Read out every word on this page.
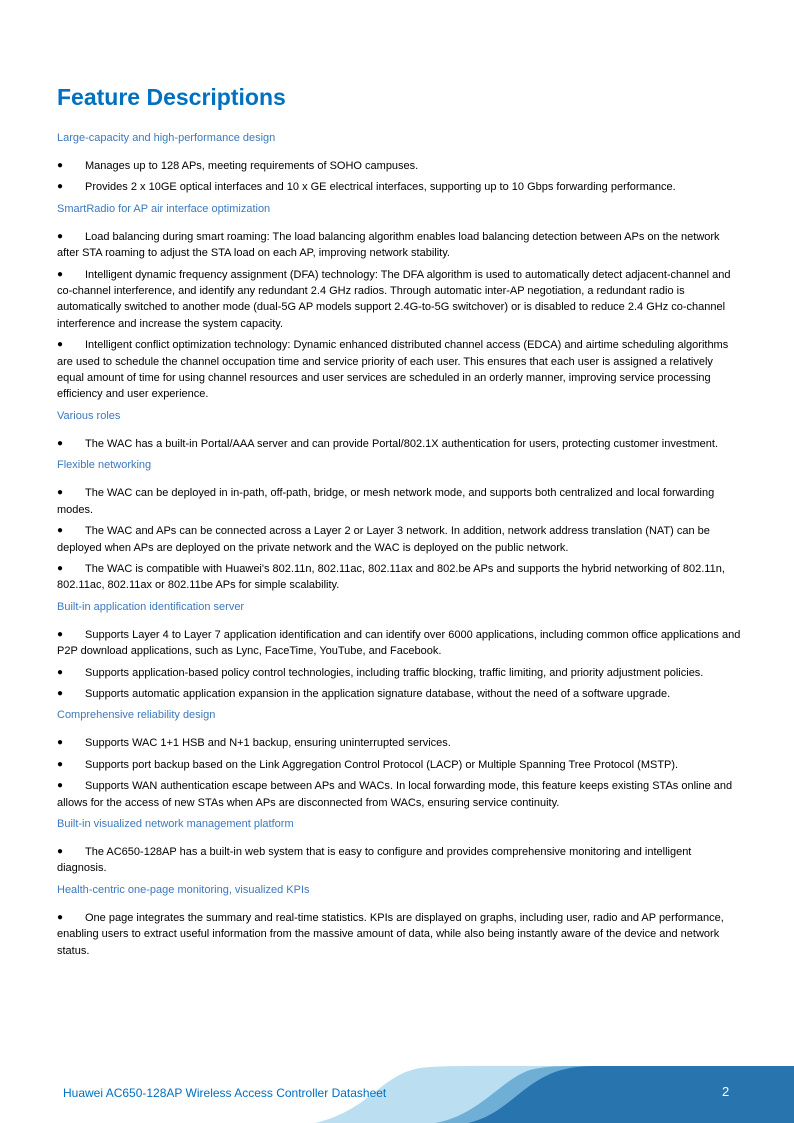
Feature Descriptions
Large-capacity and high-performance design
● Manages up to 128 APs, meeting requirements of SOHO campuses.
● Provides 2 x 10GE optical interfaces and 10 x GE electrical interfaces, supporting up to 10 Gbps forwarding performance.
SmartRadio for AP air interface optimization
● Load balancing during smart roaming: The load balancing algorithm enables load balancing detection between APs on the network after STA roaming to adjust the STA load on each AP, improving network stability.
● Intelligent dynamic frequency assignment (DFA) technology: The DFA algorithm is used to automatically detect adjacent-channel and co-channel interference, and identify any redundant 2.4 GHz radios. Through automatic inter-AP negotiation, a redundant radio is automatically switched to another mode (dual-5G AP models support 2.4G-to-5G switchover) or is disabled to reduce 2.4 GHz co-channel interference and increase the system capacity.
● Intelligent conflict optimization technology: Dynamic enhanced distributed channel access (EDCA) and airtime scheduling algorithms are used to schedule the channel occupation time and service priority of each user. This ensures that each user is assigned a relatively equal amount of time for using channel resources and user services are scheduled in an orderly manner, improving service processing efficiency and user experience.
Various roles
● The WAC has a built-in Portal/AAA server and can provide Portal/802.1X authentication for users, protecting customer investment.
Flexible networking
● The WAC can be deployed in in-path, off-path, bridge, or mesh network mode, and supports both centralized and local forwarding modes.
● The WAC and APs can be connected across a Layer 2 or Layer 3 network. In addition, network address translation (NAT) can be deployed when APs are deployed on the private network and the WAC is deployed on the public network.
● The WAC is compatible with Huawei's 802.11n, 802.11ac, 802.11ax and 802.be APs and supports the hybrid networking of 802.11n, 802.11ac, 802.11ax or 802.11be APs for simple scalability.
Built-in application identification server
● Supports Layer 4 to Layer 7 application identification and can identify over 6000 applications, including common office applications and P2P download applications, such as Lync, FaceTime, YouTube, and Facebook.
● Supports application-based policy control technologies, including traffic blocking, traffic limiting, and priority adjustment policies.
● Supports automatic application expansion in the application signature database, without the need of a software upgrade.
Comprehensive reliability design
● Supports WAC 1+1 HSB and N+1 backup, ensuring uninterrupted services.
● Supports port backup based on the Link Aggregation Control Protocol (LACP) or Multiple Spanning Tree Protocol (MSTP).
● Supports WAN authentication escape between APs and WACs. In local forwarding mode, this feature keeps existing STAs online and allows for the access of new STAs when APs are disconnected from WACs, ensuring service continuity.
Built-in visualized network management platform
● The AC650-128AP has a built-in web system that is easy to configure and provides comprehensive monitoring and intelligent diagnosis.
Health-centric one-page monitoring, visualized KPIs
● One page integrates the summary and real-time statistics. KPIs are displayed on graphs, including user, radio and AP performance, enabling users to extract useful information from the massive amount of data, while also being instantly aware of the device and network status.
Huawei AC650-128AP Wireless Access Controller Datasheet	2
